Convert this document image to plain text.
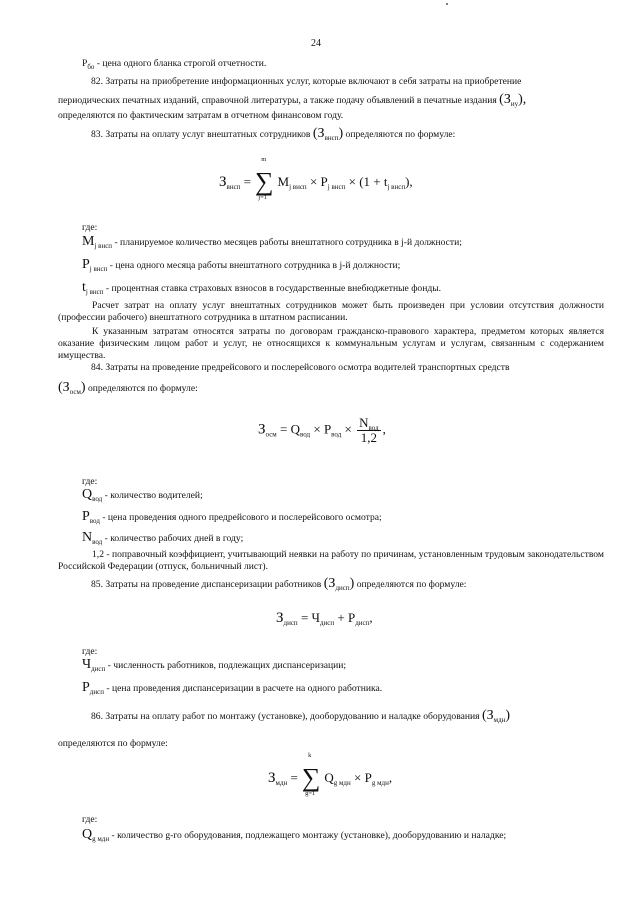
24
$Р_{бо}$ - цена одного бланка строгой отчетности.
82. Затраты на приобретение информационных услуг, которые включают в себя затраты на приобретение
периодических печатных изданий, справочной литературы, а также подачу объявлений в печатные издания $(З_{иу})$,
определяются по фактическим затратам в отчетном финансовом году.
83. Затраты на оплату услуг внештатных сотрудников $(З_{внсп})$ определяются по формуле:
$З_{внсп}$ =
m
∑
j=1
$M_{j внсп} \times P_{j внсп} \times (1 + t_{j внсп})$,
где:
$M_{j внсп}$ - планируемое количество месяцев работы внештатного сотрудника в j-й должности;
$P_{j внсп}$ - цена одного месяца работы внештатного сотрудника в j-й должности;
$t_{j внсп}$ - процентная ставка страховых взносов в государственные внебюджетные фонды.
Расчет затрат на оплату услуг внештатных сотрудников может быть произведен при условии отсутствия должности (профессии рабочего) внештатного сотрудника в штатном расписании.
К указанным затратам относятся затраты по договорам гражданско-правового характера, предметом которых является оказание физическим лицом работ и услуг, не относящихся к коммунальным услугам и услугам, связанным с содержанием имущества.
84. Затраты на проведение предрейсового и послерейсового осмотра водителей транспортных средств
$(З_{осм})$ определяются по формуле:
$З_{осм} = Q_{вод} \times P_{вод} \times \frac{N_{вод}}{1,2}$ ,
где:
$Q_{вод}$ - количество водителей;
$P_{вод}$ - цена проведения одного предрейсового и послерейсового осмотра;
$N_{вод}$ - количество рабочих дней в году;
1,2 - поправочный коэффициент, учитывающий неявки на работу по причинам, установленным трудовым законодательством Российской Федерации (отпуск, больничный лист).
85. Затраты на проведение диспансеризации работников $(З_{дисп})$ определяются по формуле:
$З_{дисп} = Ч_{дисп} + P_{дисп}$,
где:
$Ч_{дисп}$ - численность работников, подлежащих диспансеризации;
$P_{дисп}$ - цена проведения диспансеризации в расчете на одного работника.
86. Затраты на оплату работ по монтажу (установке), дооборудованию и наладке оборудования $(З_{мдн})$
определяются по формуле:
$З_{мдн}$ =
k
∑
g=1
$Q_{g мдн} \times P_{g мдн}$,
где:
$Q_{g мдн}$ - количество g-го оборудования, подлежащего монтажу (установке), дооборудованию и наладке;
